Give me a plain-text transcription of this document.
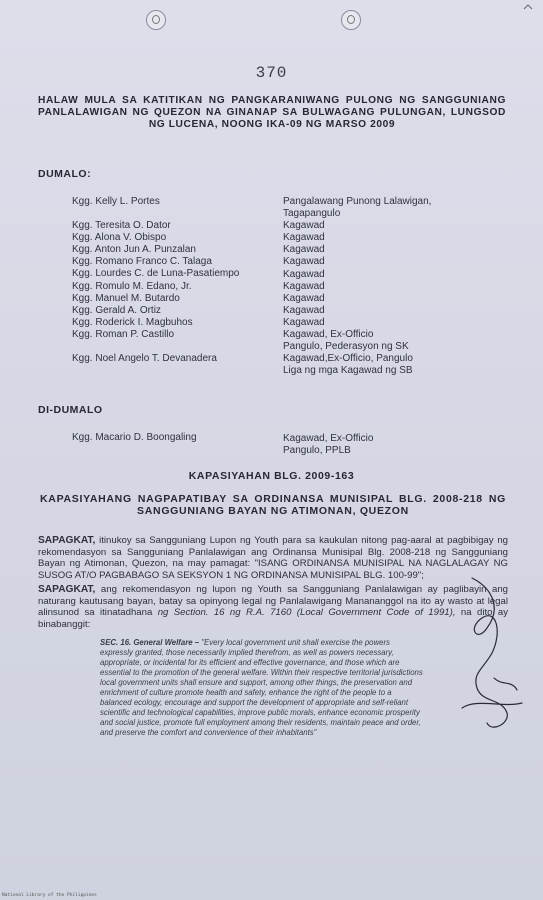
370
HALAW MULA SA KATITIKAN NG PANGKARANIWANG PULONG NG SANGGUNIANG PANLALAWIGAN NG QUEZON NA GINANAP SA BULWAGANG PULUNGAN, LUNGSOD NG LUCENA, NOONG IKA-09 NG MARSO 2009
DUMALO:
Kgg. Kelly L. Portes
Kgg. Teresita O. Dator
Kgg. Alona V. Obispo
Kgg. Anton Jun A. Punzalan
Kgg. Romano Franco C. Talaga
Kgg. Lourdes C. de Luna-Pasatiempo
Kgg. Romulo M. Edano, Jr.
Kgg. Manuel M. Butardo
Kgg. Gerald A. Ortiz
Kgg. Roderick I. Magbuhos
Kgg. Roman P. Castillo
Kgg. Noel Angelo T. Devanadera
Pangalawang Punong Lalawigan,
Tagapangulo
Kagawad
Kagawad
Kagawad
Kagawad
Kagawad
Kagawad
Kagawad
Kagawad
Kagawad
Kagawad, Ex-Officio
Pangulo, Pederasyon ng SK
Kagawad,Ex-Officio, Pangulo
Liga ng mga Kagawad ng SB
DI-DUMALO
Kgg. Macario D. Boongaling	Kagawad, Ex-Officio
Pangulo, PPLB
KAPASIYAHAN BLG. 2009-163
KAPASIYAHANG NAGPAPATIBAY SA ORDINANSA MUNISIPAL BLG. 2008-218 NG SANGGUNIANG BAYAN NG ATIMONAN, QUEZON
SAPAGKAT, itinukoy sa Sangguniang Lupon ng Youth para sa kaukulan nitong pag-aaral at pagbibigay ng rekomendasyon sa Sangguniang Panlalawigan ang Ordinansa Munisipal Blg. 2008-218 ng Sangguniang Bayan ng Atimonan, Quezon, na may pamagat: "ISANG ORDINANSA MUNISIPAL NA NAGLALAGAY NG SUSOG AT/O PAGBABAGO SA SEKSYON 1 NG ORDINANSA MUNISIPAL BLG. 100-99";
SAPAGKAT, ang rekomendasyon ng lupon ng Youth sa Sangguniang Panlalawigan ay paglibayin ang naturang kautusang bayan, batay sa opinyong legal ng Panlalawigang Manananggol na ito ay wasto at legal alinsunod sa itinatadhana ng Section. 16 ng R.A. 7160 (Local Government Code of 1991), na dito ay binabanggit:
SEC. 16. General Welfare – "Every local government unit shall exercise the powers expressly granted, those necessarily implied therefrom, as well as powers necessary, appropriate, or incidental for its efficient and effective governance, and those which are essential to the promotion of the general welfare. Within their respective territorial jurisdictions local government units shall ensure and support, among other things, the preservation and enrichment of culture promote health and safety, enhance the right of the people to a balanced ecology, encourage and support the development of appropriate and self-reliant scientific and technological capabilities, improve public morals, enhance economic prosperity and social justice, promote full employment among their residents, maintain peace and order, and preserve the comfort and convenience of their inhabitants"
National Library of the Philippines
